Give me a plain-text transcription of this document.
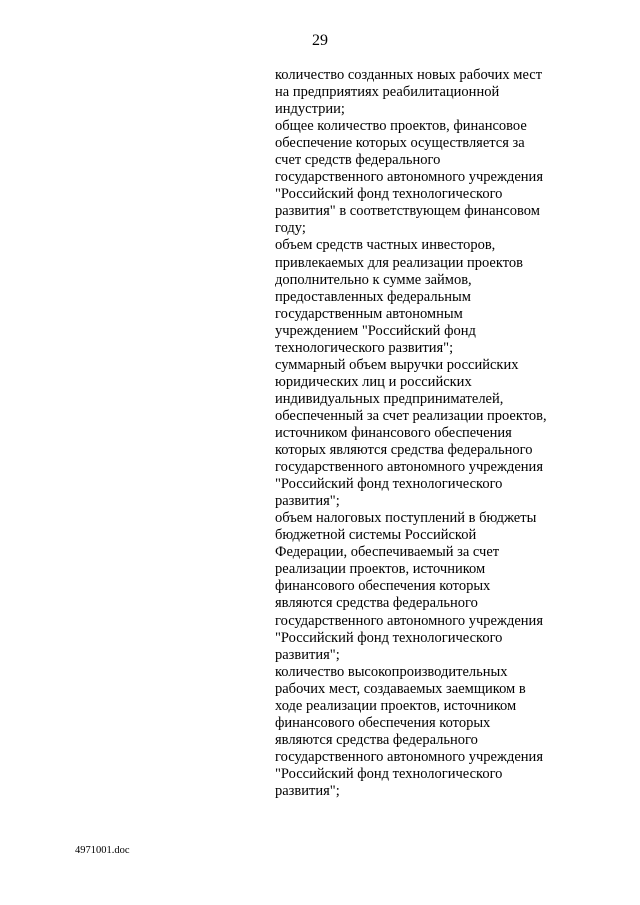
29
количество созданных новых рабочих мест
на предприятиях реабилитационной
индустрии;
общее количество проектов, финансовое
обеспечение которых осуществляется за
счет средств федерального
государственного автономного учреждения
"Российский фонд технологического
развития" в соответствующем финансовом
году;
объем средств частных инвесторов,
привлекаемых для реализации проектов
дополнительно к сумме займов,
предоставленных федеральным
государственным автономным
учреждением "Российский фонд
технологического развития";
суммарный объем выручки российских
юридических лиц и российских
индивидуальных предпринимателей,
обеспеченный за счет реализации проектов,
источником финансового обеспечения
которых являются средства федерального
государственного автономного учреждения
"Российский фонд технологического
развития";
объем налоговых поступлений в бюджеты
бюджетной системы Российской
Федерации, обеспечиваемый за счет
реализации проектов, источником
финансового обеспечения которых
являются средства федерального
государственного автономного учреждения
"Российский фонд технологического
развития";
количество высокопроизводительных
рабочих мест, создаваемых заемщиком в
ходе реализации проектов, источником
финансового обеспечения которых
являются средства федерального
государственного автономного учреждения
"Российский фонд технологического
развития";
4971001.doc
